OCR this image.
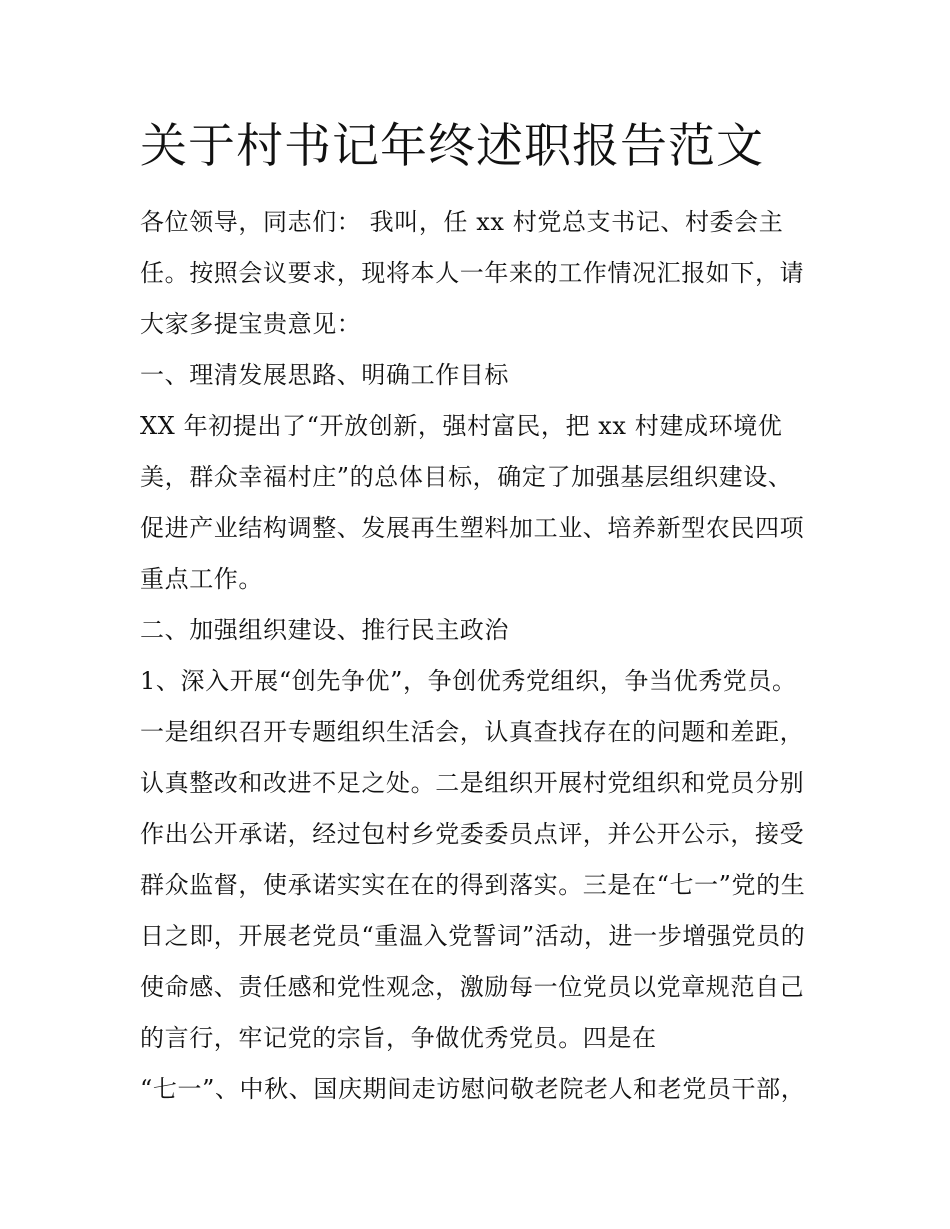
关于村书记年终述职报告范文
各位领导，同志们： 我叫，任 xx 村党总支书记、村委会主
任。按照会议要求，现将本人一年来的工作情况汇报如下，请
大家多提宝贵意见：
一、理清发展思路、明确工作目标
XX 年初提出了“开放创新，强村富民，把 xx 村建成环境优
美，群众幸福村庄”的总体目标，确定了加强基层组织建设、
促进产业结构调整、发展再生塑料加工业、培养新型农民四项
重点工作。
二、加强组织建设、推行民主政治
1、深入开展“创先争优”，争创优秀党组织，争当优秀党员。
一是组织召开专题组织生活会，认真查找存在的问题和差距，
认真整改和改进不足之处。二是组织开展村党组织和党员分别
作出公开承诺，经过包村乡党委委员点评，并公开公示，接受
群众监督，使承诺实实在在的得到落实。三是在“七一”党的生
日之即，开展老党员“重温入党誓词”活动，进一步增强党员的
使命感、责任感和党性观念，激励每一位党员以党章规范自己
的言行，牢记党的宗旨，争做优秀党员。四是在
“七一”、中秋、国庆期间走访慰问敬老院老人和老党员干部，
